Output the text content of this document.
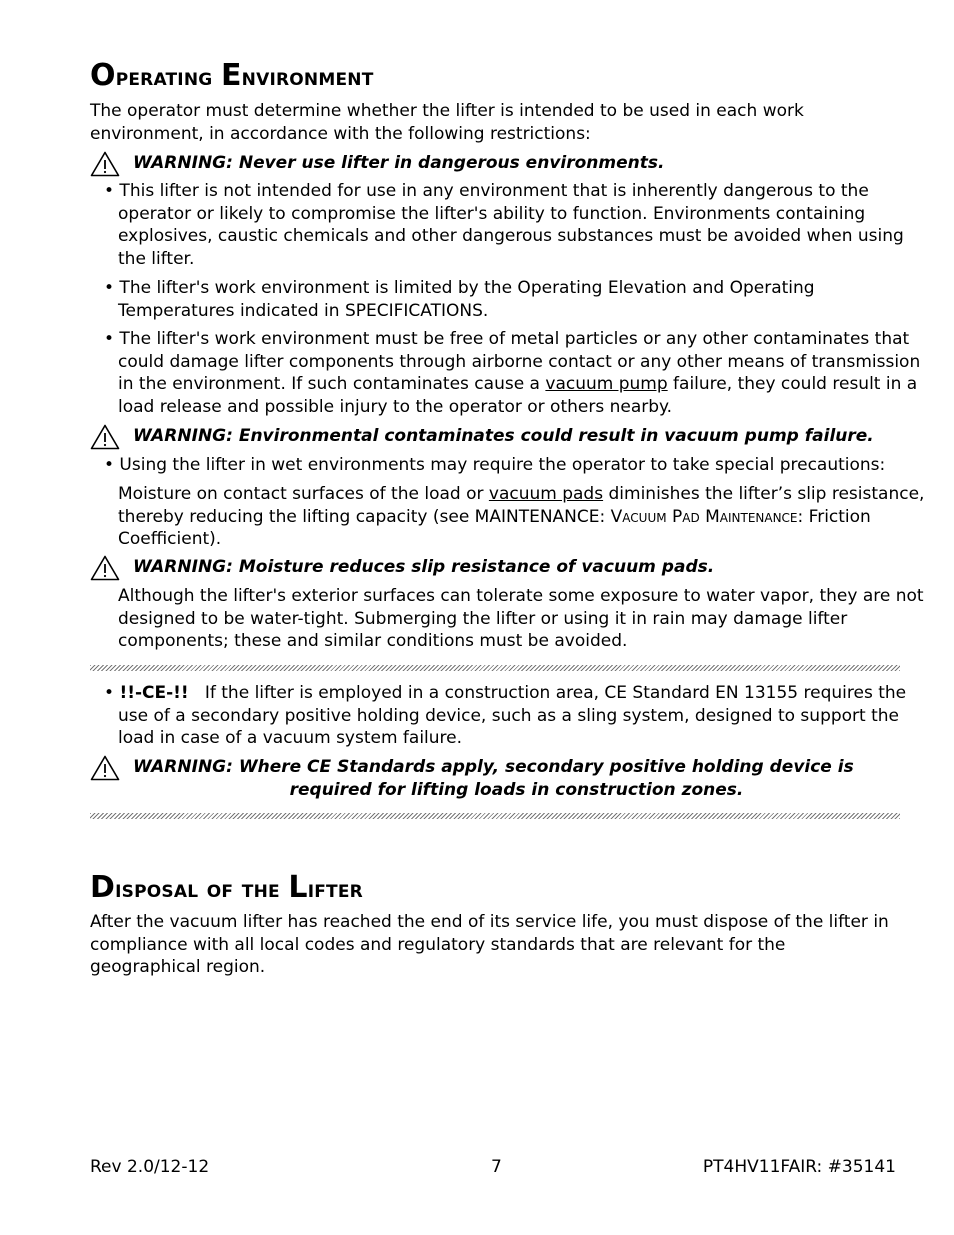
Operating Environment

The operator must determine whether the lifter is intended to be used in each work environment, in accordance with the following restrictions:

WARNING: Never use lifter in dangerous environments.

• This lifter is not intended for use in any environment that is inherently dangerous to the operator or likely to compromise the lifter's ability to function. Environments containing explosives, caustic chemicals and other dangerous substances must be avoided when using the lifter.

• The lifter's work environment is limited by the Operating Elevation and Operating Temperatures indicated in SPECIFICATIONS.

• The lifter's work environment must be free of metal particles or any other contaminates that could damage lifter components through airborne contact or any other means of transmission in the environment. If such contaminates cause a vacuum pump failure, they could result in a load release and possible injury to the operator or others nearby.

WARNING: Environmental contaminates could result in vacuum pump failure.

• Using the lifter in wet environments may require the operator to take special precautions:

Moisture on contact surfaces of the load or vacuum pads diminishes the lifter’s slip resistance, thereby reducing the lifting capacity (see MAINTENANCE: Vacuum Pad Maintenance: Friction Coefficient).

WARNING: Moisture reduces slip resistance of vacuum pads.

Although the lifter's exterior surfaces can tolerate some exposure to water vapor, they are not designed to be water-tight. Submerging the lifter or using it in rain may damage lifter components; these and similar conditions must be avoided.

• !!-CE-!!   If the lifter is employed in a construction area, CE Standard EN 13155 requires the use of a secondary positive holding device, such as a sling system, designed to support the load in case of a vacuum system failure.

WARNING: Where CE Standards apply, secondary positive holding device is
required for lifting loads in construction zones.
Disposal of the Lifter

After the vacuum lifter has reached the end of its service life, you must dispose of the lifter in compliance with all local codes and regulatory standards that are relevant for the geographical region.

Rev 2.0/12-12	7	PT4HV11FAIR: #35141
